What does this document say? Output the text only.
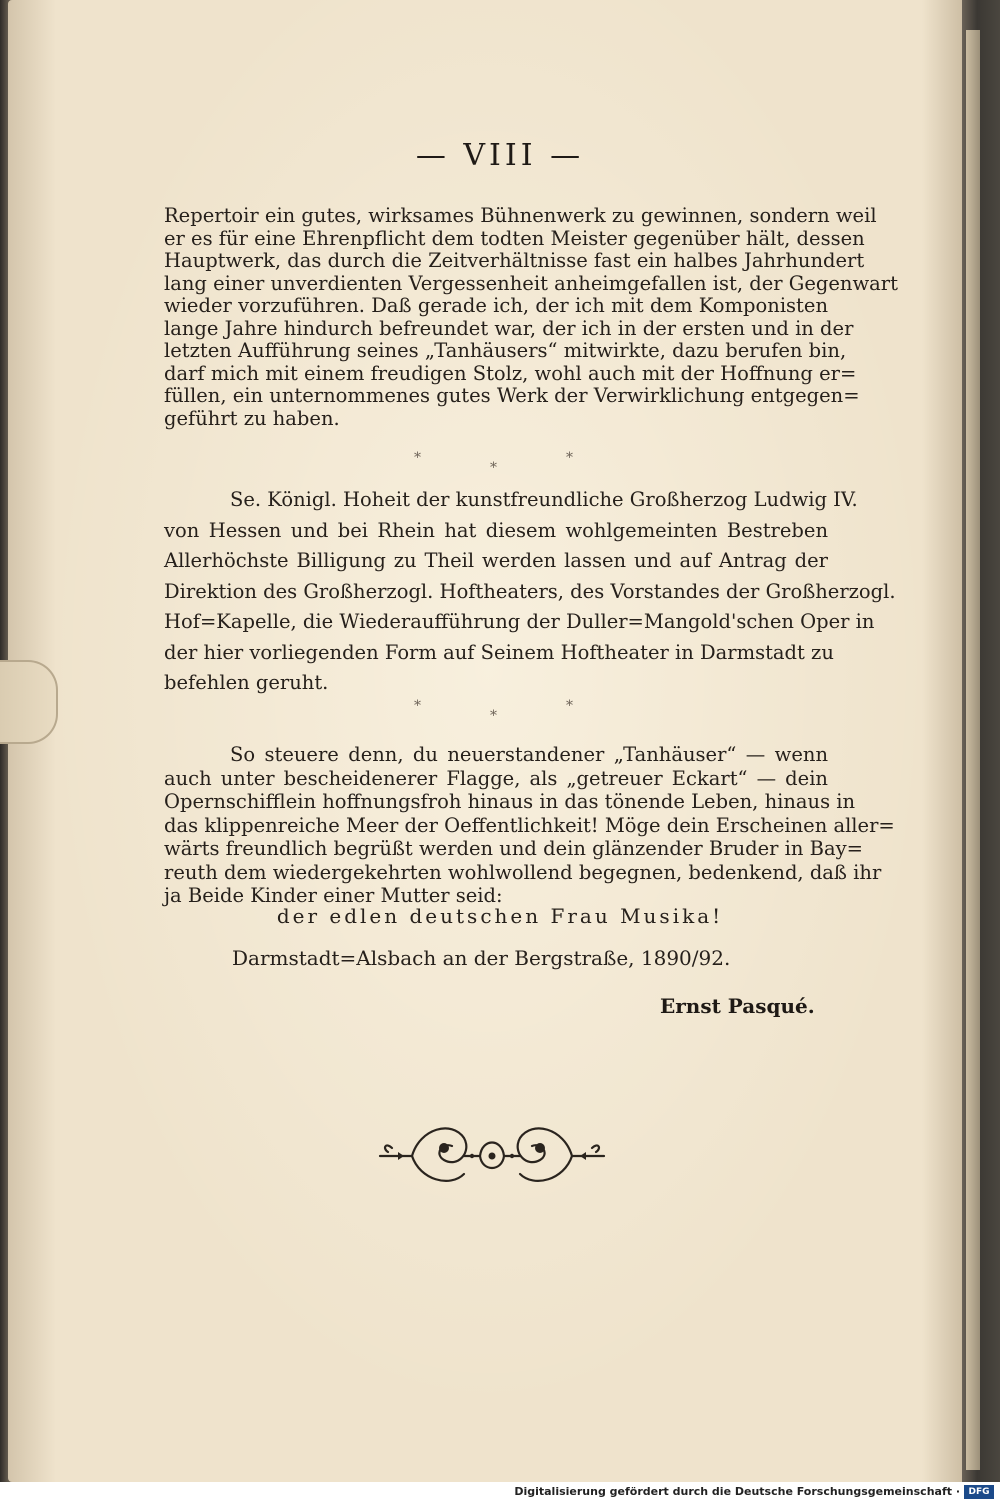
— VIII —
Repertoir ein gutes, wirksames Bühnenwerk zu gewinnen, sondern weil
er es für eine Ehrenpflicht dem todten Meister gegenüber hält, dessen
Hauptwerk, das durch die Zeitverhältnisse fast ein halbes Jahrhundert
lang einer unverdienten Vergessenheit anheimgefallen ist, der Gegenwart
wieder vorzuführen. Daß gerade ich, der ich mit dem Komponisten
lange Jahre hindurch befreundet war, der ich in der ersten und in der
letzten Aufführung seines „Tanhäusers“ mitwirkte, dazu berufen bin,
darf mich mit einem freudigen Stolz, wohl auch mit der Hoffnung er=
füllen, ein unternommenes gutes Werk der Verwirklichung entgegen=
geführt zu haben.
*
*
*
Se. Königl. Hoheit der kunstfreundliche Großherzog Ludwig IV.
von Hessen und bei Rhein hat diesem wohlgemeinten Bestreben
Allerhöchste Billigung zu Theil werden lassen und auf Antrag der
Direktion des Großherzogl. Hoftheaters, des Vorstandes der Großherzogl.
Hof=Kapelle, die Wiederaufführung der Duller=Mangold'schen Oper in
der hier vorliegenden Form auf Seinem Hoftheater in Darmstadt zu
befehlen geruht.
*
*
*
So steuere denn, du neuerstandener „Tanhäuser“ — wenn
auch unter bescheidenerer Flagge, als „getreuer Eckart“ — dein
Opernschifflein hoffnungsfroh hinaus in das tönende Leben, hinaus in
das klippenreiche Meer der Oeffentlichkeit! Möge dein Erscheinen aller=
wärts freundlich begrüßt werden und dein glänzender Bruder in Bay=
reuth dem wiedergekehrten wohlwollend begegnen, bedenkend, daß ihr
ja Beide Kinder einer Mutter seid:
der edlen deutschen Frau Musika!
Darmstadt=Alsbach an der Bergstraße, 1890/92.
Ernst Pasqué.
Digitalisierung gefördert durch die Deutsche Forschungsgemeinschaft · DFG
